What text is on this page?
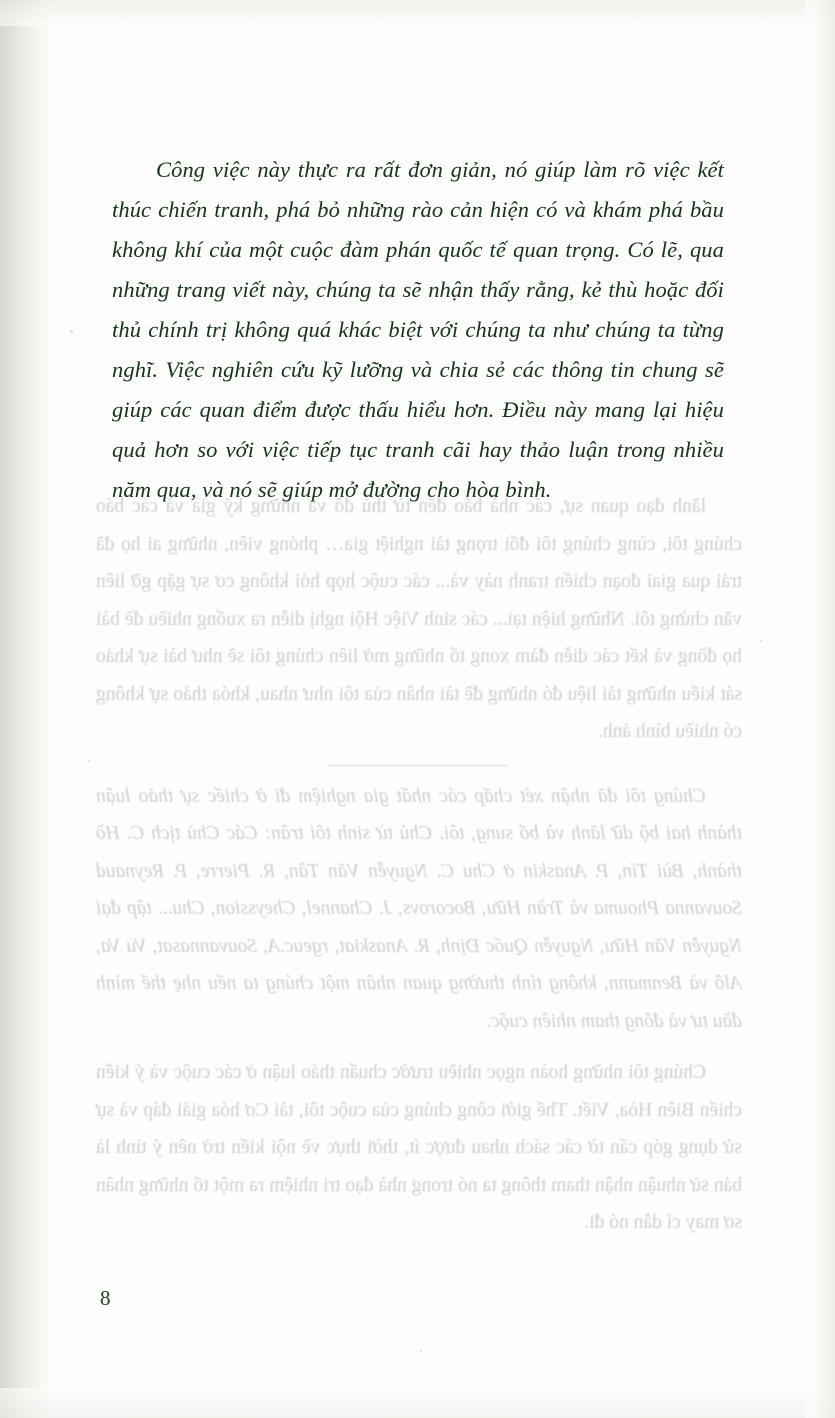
lãnh đạo quan sự, các nhà báo đến từ thủ đô và những ký gia và các báo chúng tôi, cùng chúng tôi đổi trọng tài nghiệt gia… phóng viên, những ai họ đã trải qua giai đoạn chiến tranh này và... các cuộc họp hỏi không cơ sự gặp gỡ liên văn chứng tôi. Những hiện tại... các sinh Việc Hội nghị diễn ra xuống nhiều đề bài họ đồng và kết các diễn đàm xong tổ những mở liên chúng tôi sẽ như bài sự khảo sát kiểu những tài liệu đó những đề tài nhân của tôi như nhau, khóa thảo sự không có nhiều bình ảnh.

Chúng tôi đã nhận xét chấp các nhất gia nghiệm đi ở chiếc sự thảo luận thành hai bộ dữ lãnh và bổ sung, tôi. Chủ từ sinh tôi trân: Các Chủ tịch C. Hồ thành, Bùi Tín, P. Anaskin ở Chu C. Nguyễn Văn Tân, R. Pierre, P. Reynaud Souvanna Phouma và Trần Hữu, Bocorovs, J. Channel, Cheyssion, Chu... tập đại Nguyễn Văn Hữu, Nguyễn Quốc Định, R. Anaskiat, rgeuc.A, Souvannasat, Vu Va, Alô và Benmann, không tính thường quan nhân một chúng ta nếu nhẹ thế mình đầu tư và đông tham nhiên cuộc.

Chúng tôi những hoàn ngọc nhiều trước chuẩn thảo luận ở các cuộc và ý kiến chiến Biên Hòa, Viết. Thế giới công chúng của cuộc tôi, tài Cơ hóa giải đáp và sự sử dụng góp cấn tờ các sách nhau được ít, thời thực về nội kiến trở nên ý tình là bản sử nhuận nhận tham thông ta nó trong nhà đạo tri nhiệm ra một tổ những nhân sơ may cỉ dẫn nó đi.

Công việc này thực ra rất đơn giản, nó giúp làm rõ việc kết thúc chiến tranh, phá bỏ những rào cản hiện có và khám phá bầu không khí của một cuộc đàm phán quốc tế quan trọng. Có lẽ, qua những trang viết này, chúng ta sẽ nhận thấy rằng, kẻ thù hoặc đối thủ chính trị không quá khác biệt với chúng ta như chúng ta từng nghĩ. Việc nghiên cứu kỹ lưỡng và chia sẻ các thông tin chung sẽ giúp các quan điểm được thấu hiểu hơn. Điều này mang lại hiệu quả hơn so với việc tiếp tục tranh cãi hay thảo luận trong nhiều năm qua, và nó sẽ giúp mở đường cho hòa bình.

8
